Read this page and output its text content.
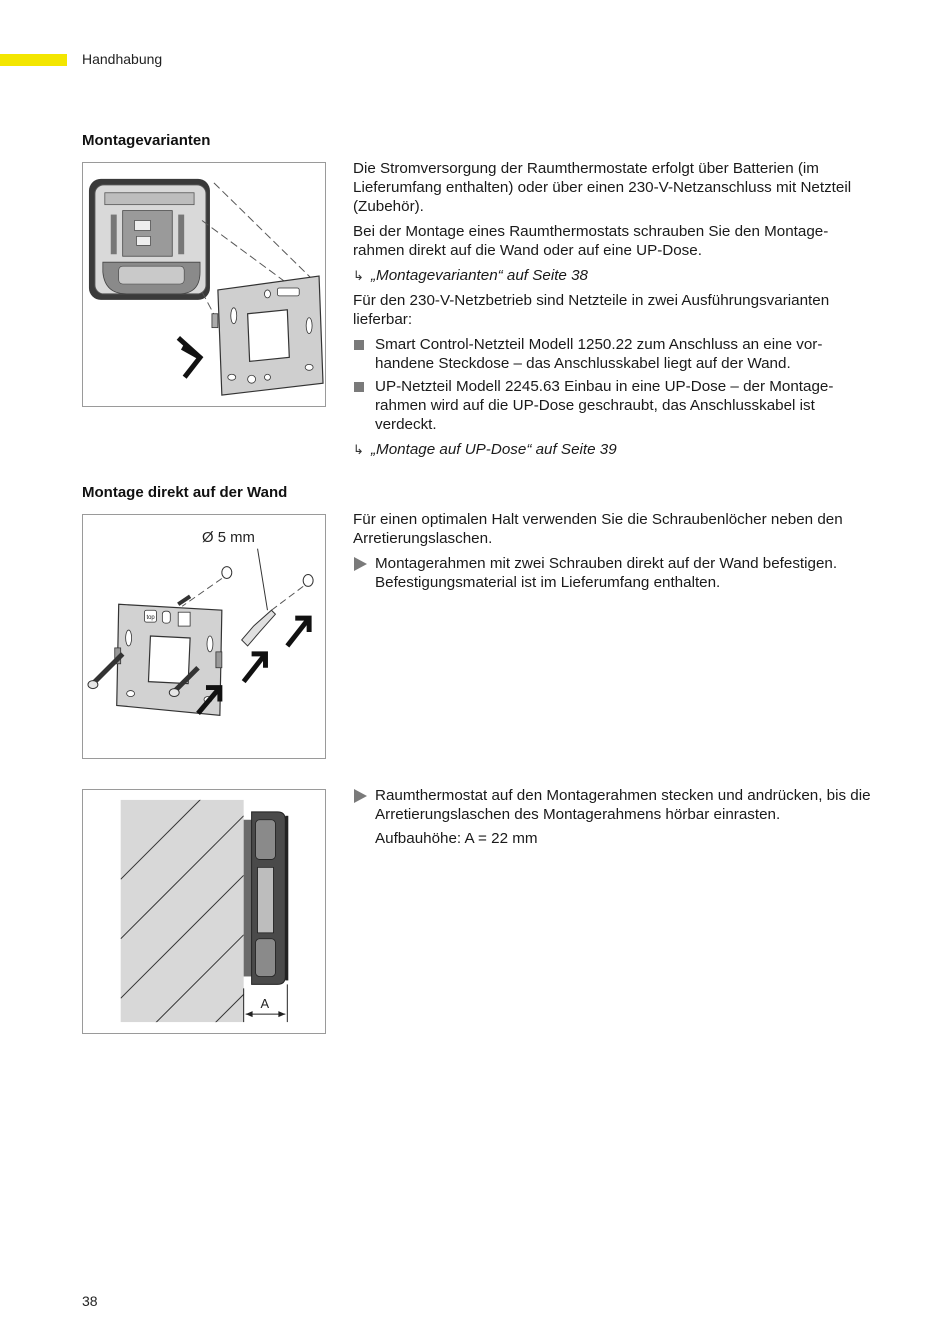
Handhabung
Montagevarianten

Die Stromversorgung der Raumthermostate erfolgt über Batterien (im Lieferumfang enthalten) oder über einen 230-V-Netzanschluss mit Netzteil (Zubehör).

Bei der Montage eines Raumthermostats schrauben Sie den Montagerahmen direkt auf die Wand oder auf eine UP-Dose.

↳ „Montagevarianten“ auf Seite 38

Für den 230-V-Netzbetrieb sind Netzteile in zwei Ausführungsvarianten lieferbar:

Smart Control-Netzteil Modell 1250.22 zum Anschluss an eine vorhandene Steckdose – das Anschlusskabel liegt auf der Wand.
UP-Netzteil Modell 2245.63 Einbau in eine UP-Dose – der Montagerahmen wird auf die UP-Dose geschraubt, das Anschlusskabel ist verdeckt.
↳ „Montage auf UP-Dose“ auf Seite 39
Montage direkt auf der Wand
Ø 5 mm
top

Für einen optimalen Halt verwenden Sie die Schraubenlöcher neben den Arretierungslaschen.

Montagerahmen mit zwei Schrauben direkt auf der Wand befestigen. Befestigungsmaterial ist im Lieferumfang enthalten.
A
Raumthermostat auf den Montagerahmen stecken und andrücken, bis die Arretierungslaschen des Montagerahmens hörbar einrasten.

Aufbauhöhe: A = 22 mm

38
